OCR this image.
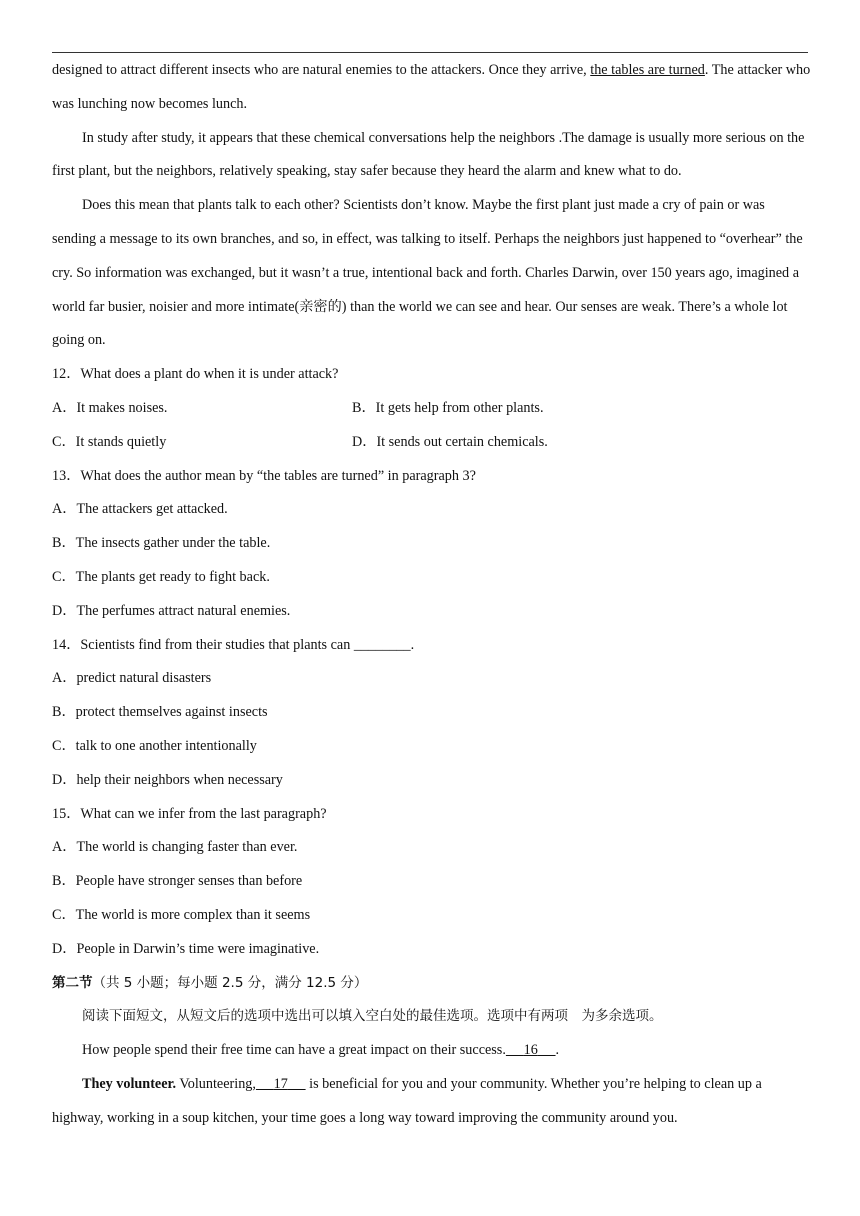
designed to attract different insects who are natural enemies to the attackers. Once they arrive, the tables are turned. The attacker who was lunching now becomes lunch.

In study after study, it appears that these chemical conversations help the neighbors .The damage is usually more serious on the first plant, but the neighbors, relatively speaking, stay safer because they heard the alarm and knew what to do.

Does this mean that plants talk to each other? Scientists don’t know. Maybe the first plant just made a cry of pain or was sending a message to its own branches, and so, in effect, was talking to itself. Perhaps the neighbors just happened to “overhear” the cry. So information was exchanged, but it wasn’t a true, intentional back and forth. Charles Darwin, over 150 years ago, imagined a world far busier, noisier and more intimate(亲密的) than the world we can see and hear. Our senses are weak. There’s a whole lot going on.

12．What does a plant do when it is under attack?

A．It makes noises.	B．It gets help from other plants.
C．It stands quietly	D．It sends out certain chemicals.

13．What does the author mean by “the tables are turned” in paragraph 3?

A．The attackers get attacked.

B．The insects gather under the table.

C．The plants get ready to fight back.

D．The perfumes attract natural enemies.

14．Scientists find from their studies that plants can ________.

A．predict natural disasters

B．protect themselves against insects

C．talk to one another intentionally

D．help their neighbors when necessary

15．What can we infer from the last paragraph?

A．The world is changing faster than ever.

B．People have stronger senses than before

C．The world is more complex than it seems

D．People in Darwin’s time were imaginative.

第二节（共 5 小题；每小题 2.5 分，满分 12.5 分）

阅读下面短文，从短文后的选项中选出可以填入空白处的最佳选项。选项中有两项　为多余选项。

How people spend their free time can have a great impact on their success. 16 .

They volunteer. Volunteering, 17      is beneficial for you and your community. Whether you’re helping to clean up a highway, working in a soup kitchen, your time goes a long way toward improving the community around you.
